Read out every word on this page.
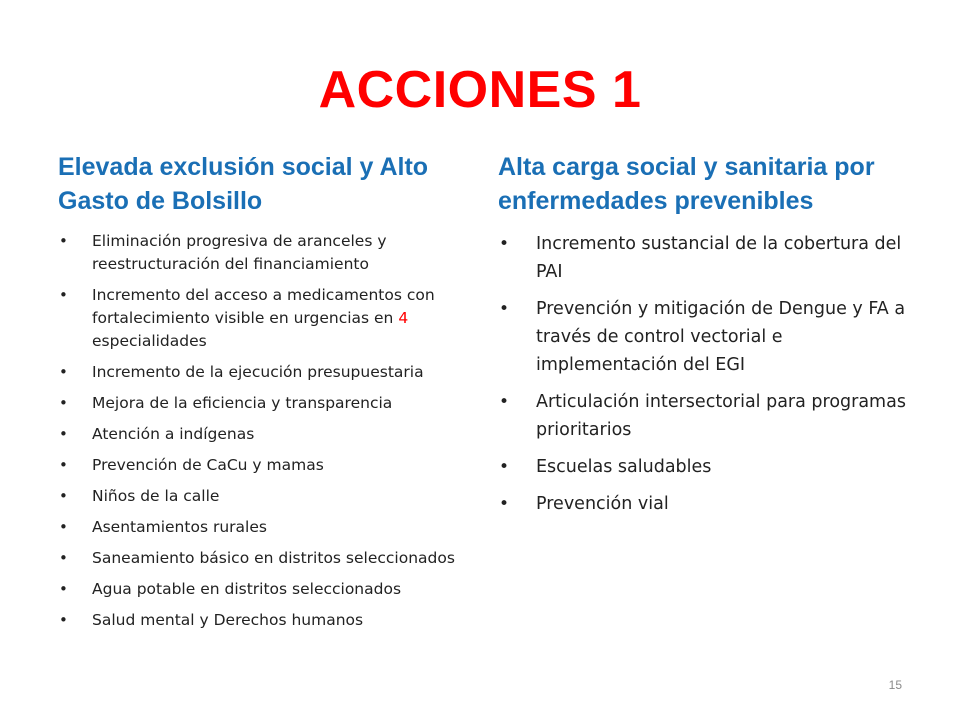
ACCIONES 1
Elevada exclusión social y Alto Gasto de Bolsillo
• Eliminación progresiva de aranceles y reestructuración del financiamiento
• Incremento del acceso a medicamentos con fortalecimiento visible en urgencias en 4 especialidades
• Incremento de la ejecución presupuestaria
• Mejora de la eficiencia y transparencia
• Atención a indígenas
• Prevención de CaCu y mamas
• Niños de la calle
• Asentamientos rurales
• Saneamiento básico en distritos seleccionados
• Agua potable en distritos seleccionados
• Salud mental y Derechos humanos
Alta carga social y sanitaria por enfermedades prevenibles
• Incremento sustancial de la cobertura del PAI
• Prevención y mitigación de Dengue y FA a través de control vectorial e implementación del EGI
• Articulación intersectorial para programas prioritarios
• Escuelas saludables
• Prevención vial
15
